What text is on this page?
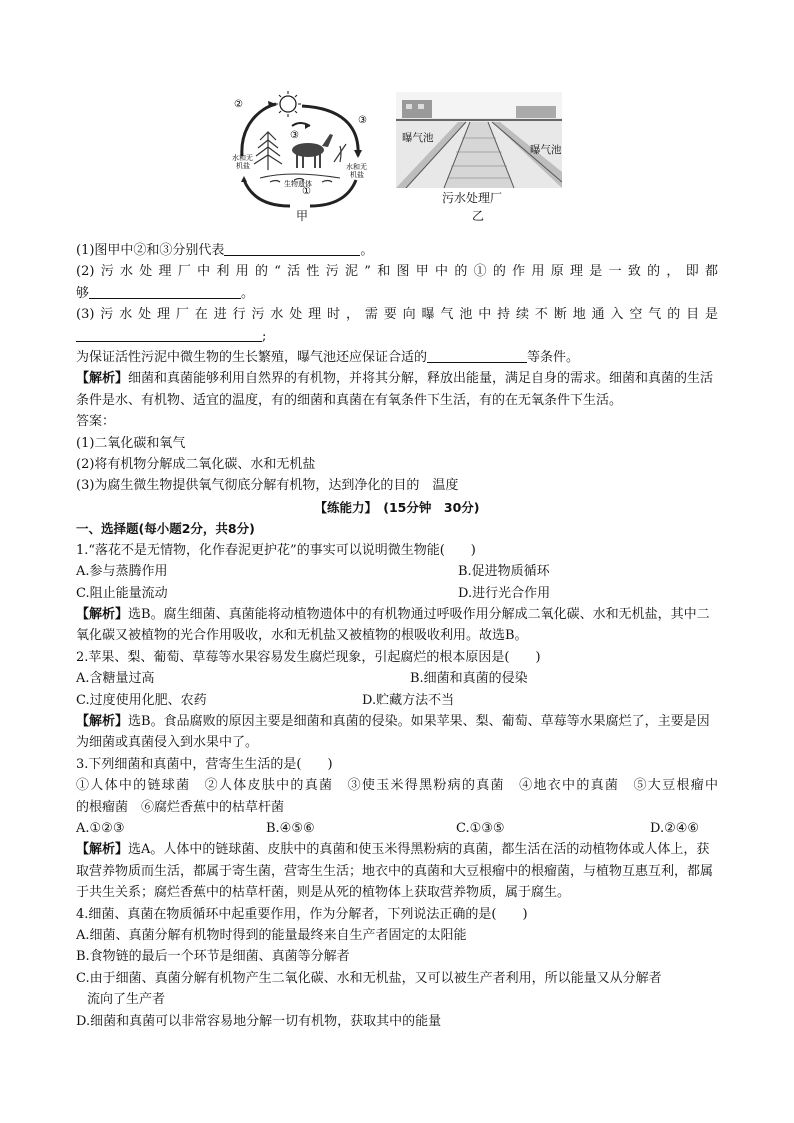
②
③
③
①
水和无
机盐	水和无
机盐
生物遗体
甲
曝气池
曝气池
污水处理厂
乙

(1)图甲中②和③分别代表	。

(2)污水处理厂中利用的“活性污泥”和图甲中的①的作用原理是一致的，即都

够	。

(3)污水处理厂在进行污水处理时，需要向曝气池中持续不断地通入空气的目是

;

为保证活性污泥中微生物的生长繁殖，曝气池还应保证合适的	等条件。

【解析】细菌和真菌能够利用自然界的有机物，并将其分解，释放出能量，满足自身的需求。细菌和真菌的生活条件是水、有机物、适宜的温度，有的细菌和真菌在有氧条件下生活，有的在无氧条件下生活。

答案：

(1)二氧化碳和氧气

(2)将有机物分解成二氧化碳、水和无机盐

(3)为腐生微生物提供氧气彻底分解有机物，达到净化的目的　温度

【练能力】　(15分钟　30分)

一、选择题(每小题2分，共8分)

1.“落花不是无情物，化作春泥更护花”的事实可以说明微生物能(　　)

A.参与蒸腾作用	B.促进物质循环
C.阻止能量流动	D.进行光合作用

【解析】选B。腐生细菌、真菌能将动植物遗体中的有机物通过呼吸作用分解成二氧化碳、水和无机盐，其中二氧化碳又被植物的光合作用吸收，水和无机盐又被植物的根吸收利用。故选B。

2.苹果、梨、葡萄、草莓等水果容易发生腐烂现象，引起腐烂的根本原因是(　　)

A.含糖量过高	B.细菌和真菌的侵染
C.过度使用化肥、农药	D.贮藏方法不当

【解析】选B。食品腐败的原因主要是细菌和真菌的侵染。如果苹果、梨、葡萄、草莓等水果腐烂了，主要是因为细菌或真菌侵入到水果中了。

3.下列细菌和真菌中，营寄生生活的是(　　)

①人体中的链球菌　②人体皮肤中的真菌　③使玉米得黑粉病的真菌　④地衣中的真菌　⑤大豆根瘤中

的根瘤菌　⑥腐烂香蕉中的枯草杆菌

A.①②③	B.④⑤⑥	C.①③⑤	D.②④⑥

【解析】选A。人体中的链球菌、皮肤中的真菌和使玉米得黑粉病的真菌，都生活在活的动植物体或人体上，获取营养物质而生活，都属于寄生菌，营寄生生活；地衣中的真菌和大豆根瘤中的根瘤菌，与植物互惠互利，都属于共生关系；腐烂香蕉中的枯草杆菌，则是从死的植物体上获取营养物质，属于腐生。

4.细菌、真菌在物质循环中起重要作用，作为分解者，下列说法正确的是(　　)

A.细菌、真菌分解有机物时得到的能量最终来自生产者固定的太阳能

B.食物链的最后一个环节是细菌、真菌等分解者

C.由于细菌、真菌分解有机物产生二氧化碳、水和无机盐，又可以被生产者利用，所以能量又从分解者

流向了生产者

D.细菌和真菌可以非常容易地分解一切有机物，获取其中的能量
